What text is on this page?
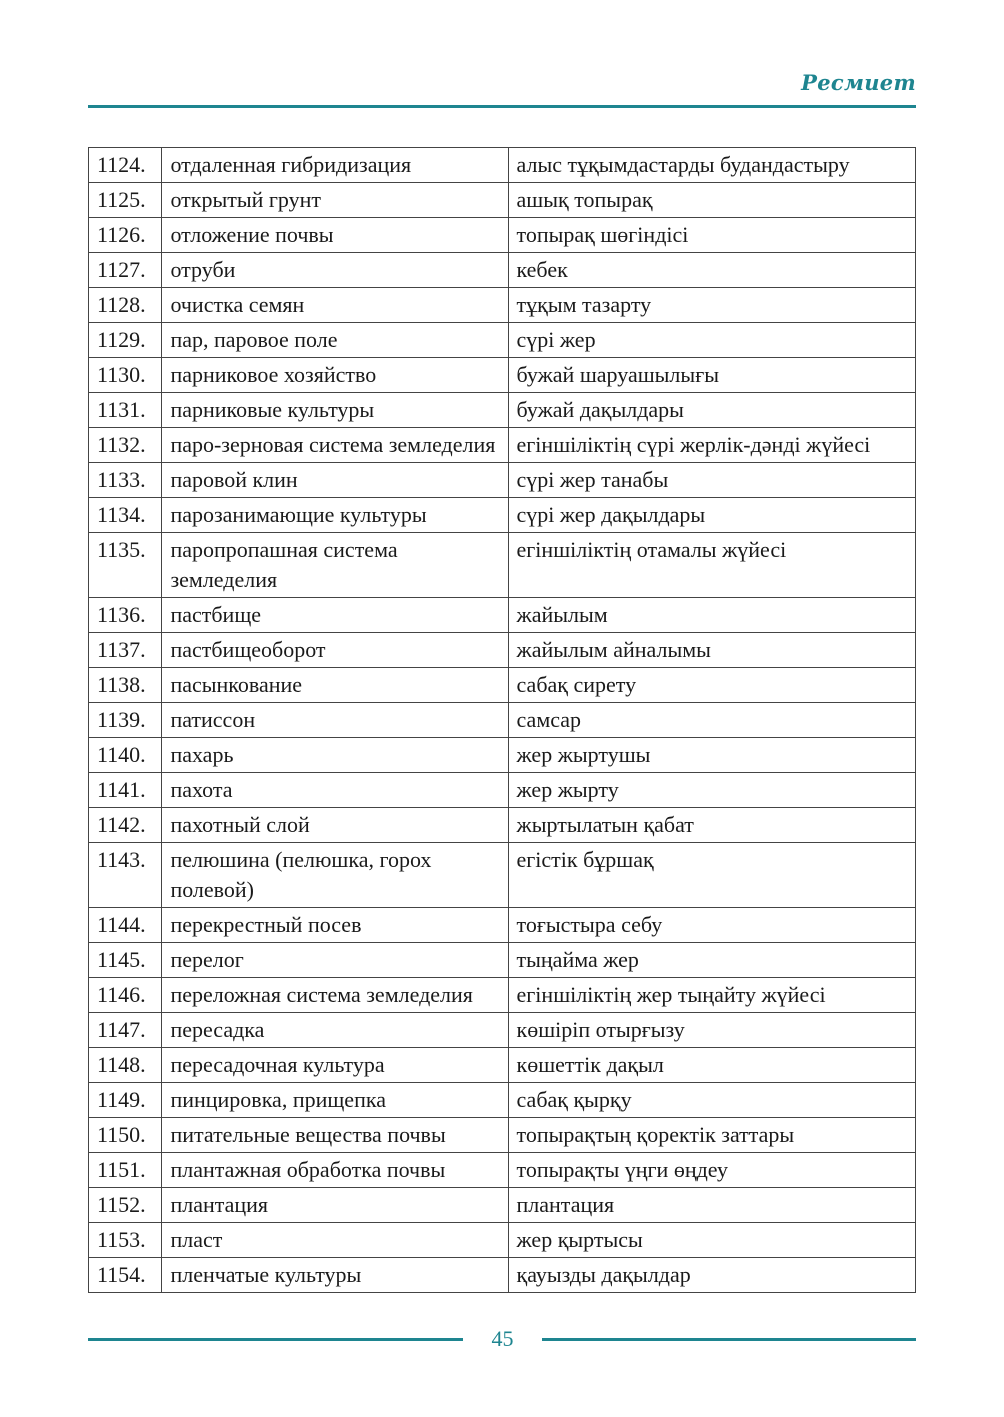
Ресмиет
1124.	отдаленная гибридизация	алыс тұқымдастарды будандастыру
1125.	открытый грунт	ашық топырақ
1126.	отложение почвы	топырақ шөгіндісі
1127.	отруби	кебек
1128.	очистка семян	тұқым тазарту
1129.	пар, паровое поле	сүрі жер
1130.	парниковое хозяйство	бужай шаруашылығы
1131.	парниковые культуры	бужай дақылдары
1132.	паро-зерновая система земледелия	егіншіліктің сүрі жерлік-дәнді жүйесі
1133.	паровой клин	сүрі жер танабы
1134.	парозанимающие культуры	сүрі жер дақылдары
1135.	паропропашная система земледелия	егіншіліктің отамалы жүйесі
1136.	пастбище	жайылым
1137.	пастбищеоборот	жайылым айналымы
1138.	пасынкование	сабақ сирету
1139.	патиссон	самсар
1140.	пахарь	жер жыртушы
1141.	пахота	жер жырту
1142.	пахотный слой	жыртылатын қабат
1143.	пелюшина (пелюшка, горох полевой)	егістік бұршақ
1144.	перекрестный посев	тоғыстыра себу
1145.	перелог	тыңайма жер
1146.	переложная система земледелия	егіншіліктің жер тыңайту жүйесі
1147.	пересадка	көшіріп отырғызу
1148.	пересадочная культура	көшеттік дақыл
1149.	пинцировка, прищепка	сабақ қырқу
1150.	питательные вещества почвы	топырақтың қоректік заттары
1151.	плантажная обработка почвы	топырақты үңги өңдеу
1152.	плантация	плантация
1153.	пласт	жер қыртысы
1154.	пленчатые культуры	қауызды дақылдар
45
